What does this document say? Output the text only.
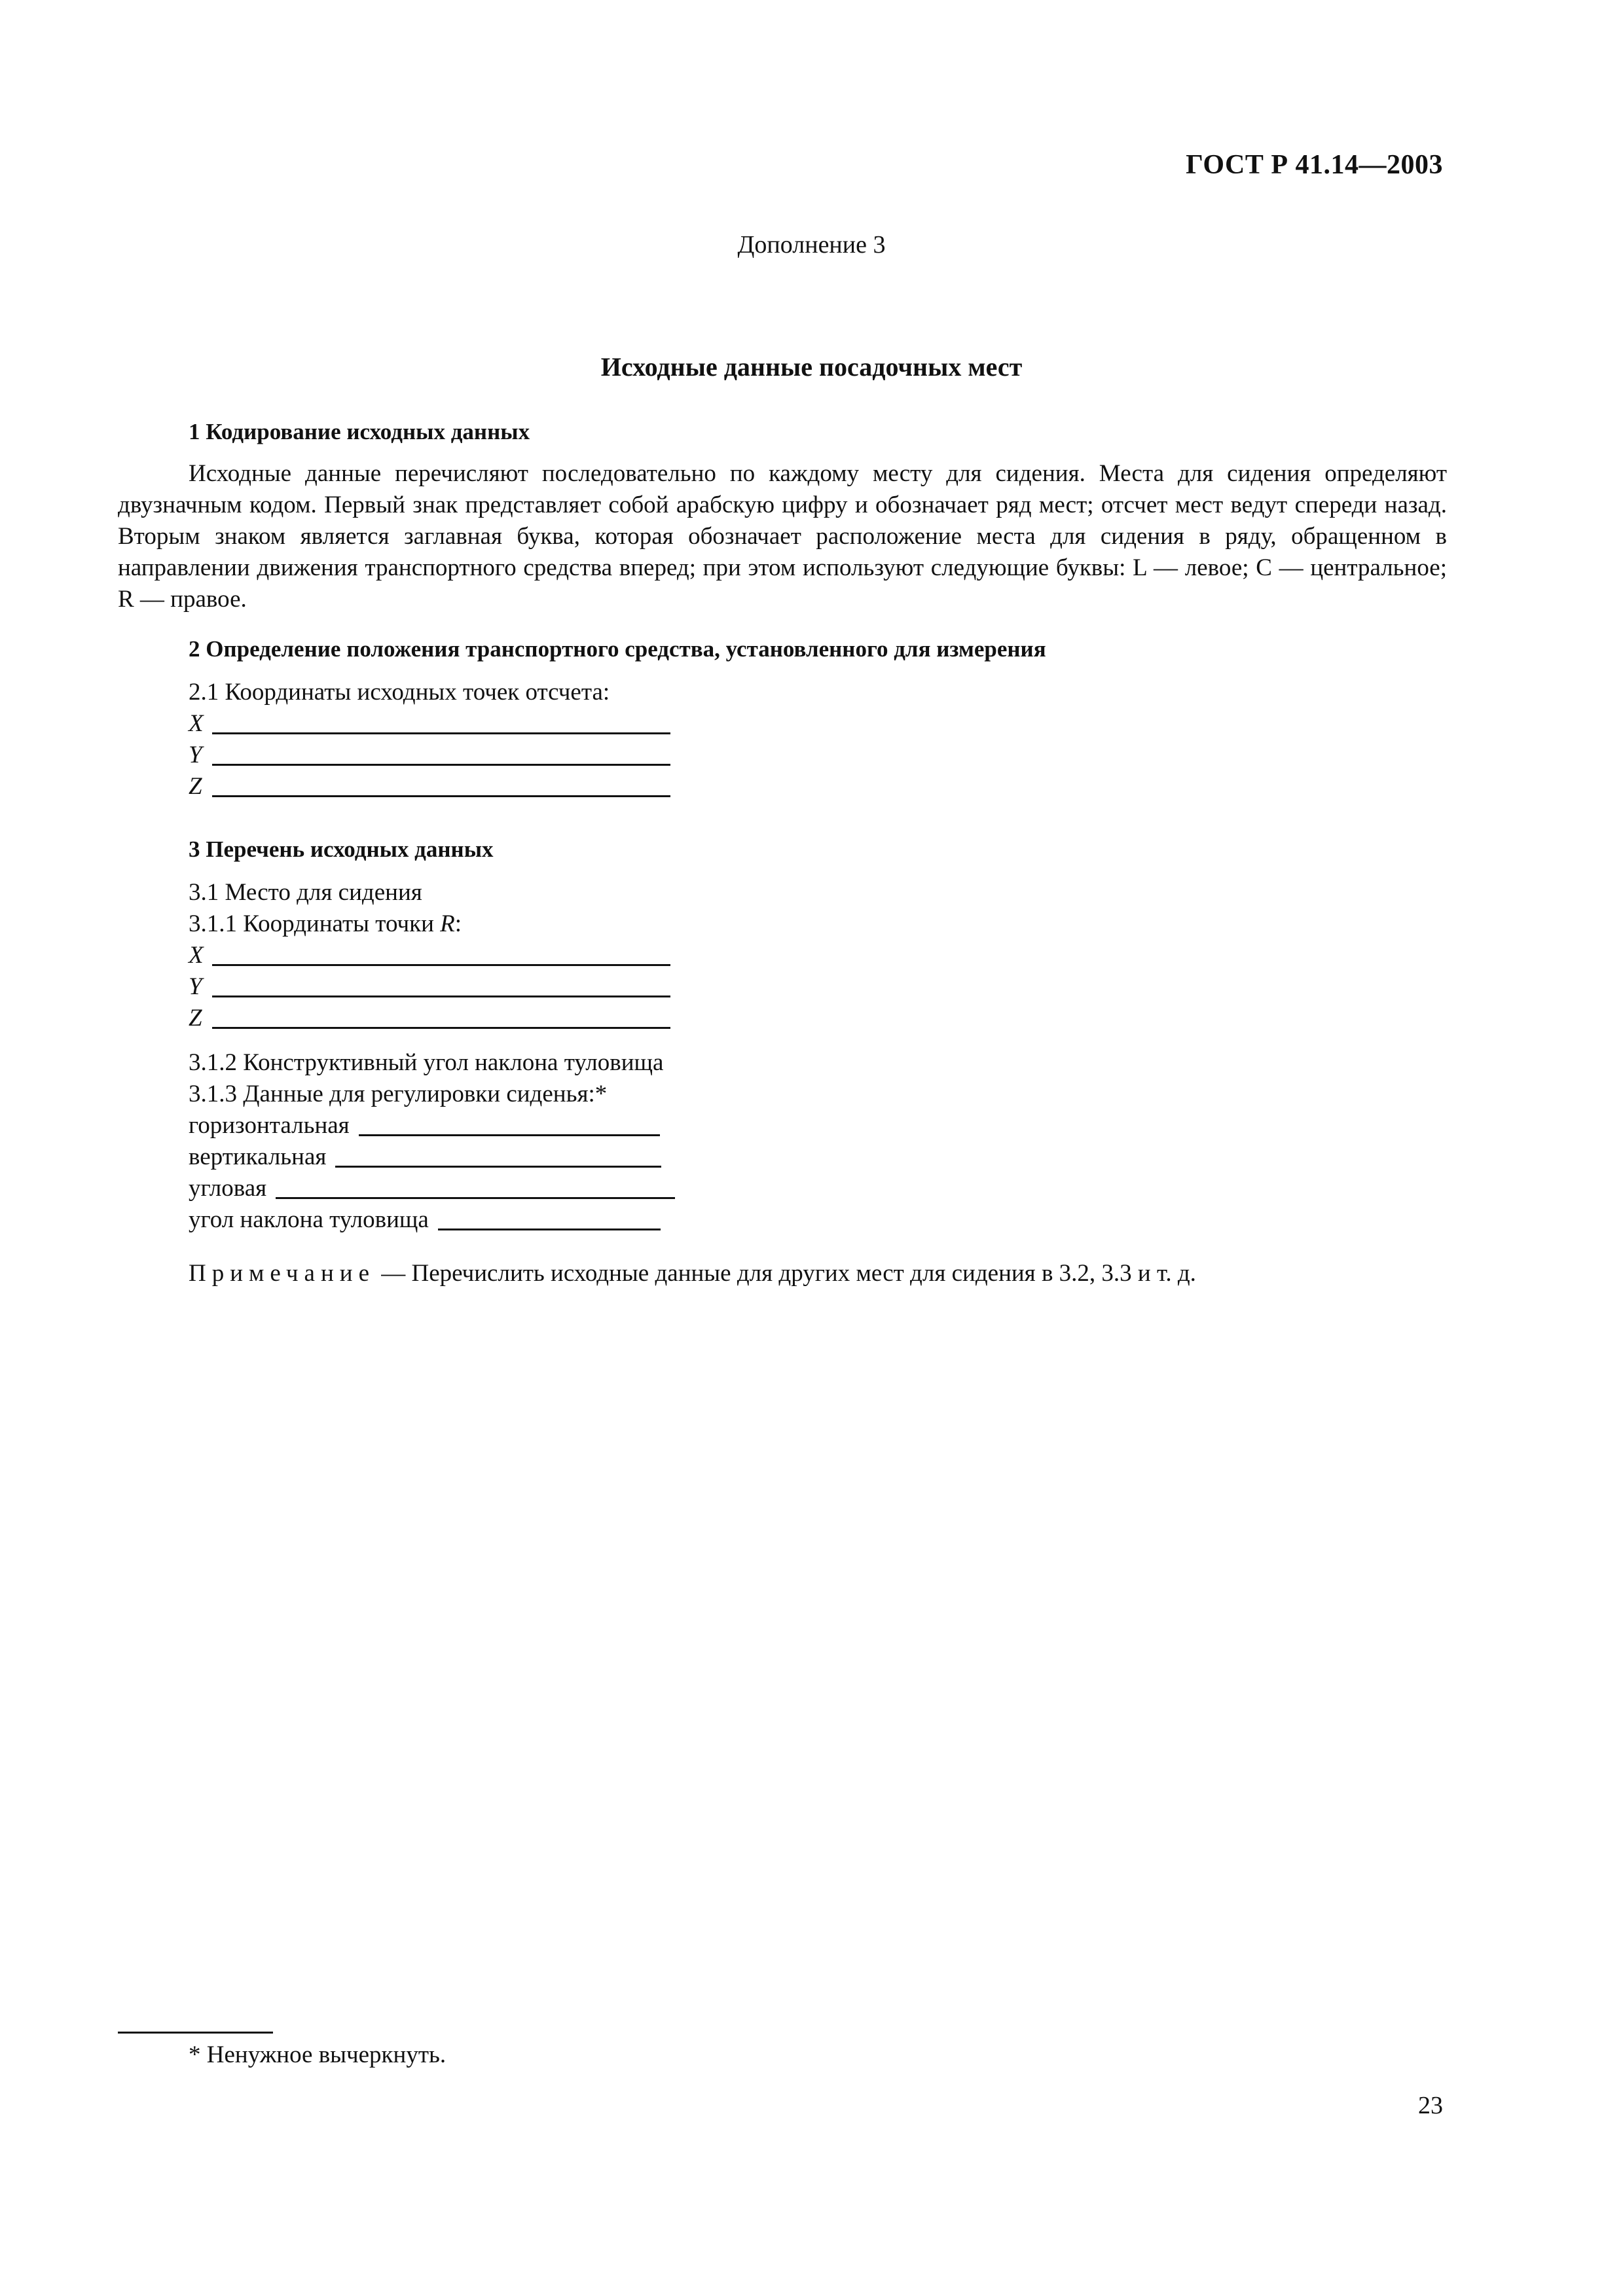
ГОСТ Р 41.14—2003
Дополнение 3
Исходные данные посадочных мест
1 Кодирование исходных данных
Исходные данные перечисляют последовательно по каждому месту для сидения. Места для сидения определяют двузначным кодом. Первый знак представляет собой арабскую цифру и обозначает ряд мест; отсчет мест ведут спереди назад. Вторым знаком является заглавная буква, которая обозначает расположение места для сидения в ряду, обращенном в направлении движения транспортного средства вперед; при этом используют следующие буквы: L — левое; C — центральное; R — правое.
2 Определение положения транспортного средства, установленного для измерения
2.1 Координаты исходных точек отсчета:
X
Y
Z
3 Перечень исходных данных
3.1 Место для сидения
3.1.1 Координаты точки R:
X
Y
Z
3.1.2 Конструктивный угол наклона туловища
3.1.3 Данные для регулировки сиденья:*
горизонтальная
вертикальная
угловая
угол наклона туловища
Примечание — Перечислить исходные данные для других мест для сидения в 3.2, 3.3 и т. д.
* Ненужное вычеркнуть.
23
